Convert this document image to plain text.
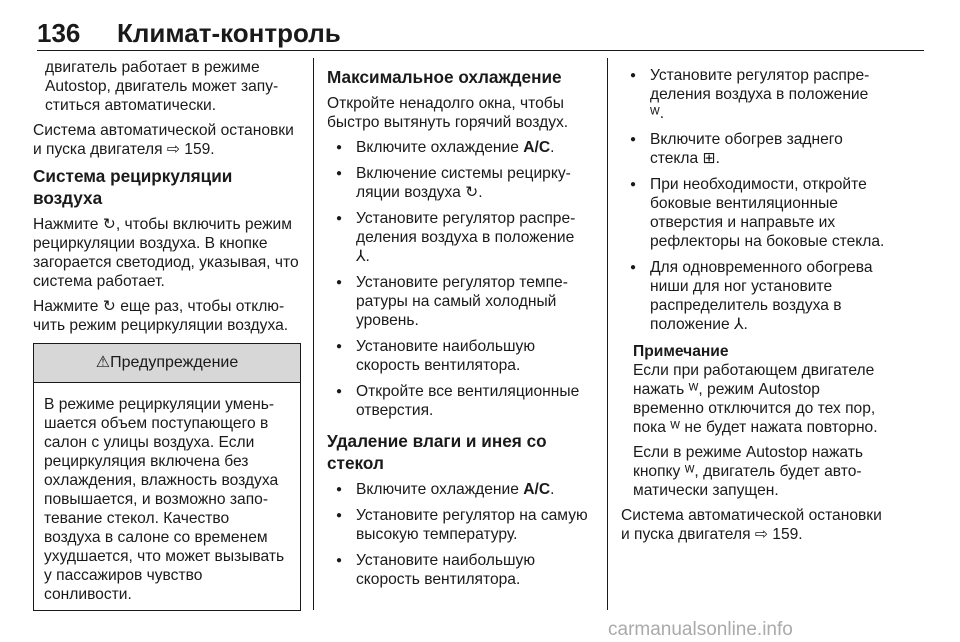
136 Климат-контроль

двигатель работает в режиме Autostop, двигатель может запуститься автоматически.

Система автоматической остановки и пуска двигателя ⇨ 159.

Система рециркуляции воздуха

Нажмите ↻, чтобы включить режим рециркуляции воздуха. В кнопке загорается светодиод, указывая, что система работает.

Нажмите ↻ еще раз, чтобы отключить режим рециркуляции воздуха.

⚠Предупреждение
В режиме рециркуляции уменьшается объем поступающего в салон с улицы воздуха. Если рециркуляция включена без охлаждения, влажность воздуха повышается, и возможно запотевание стекол. Качество воздуха в салоне со временем ухудшается, что может вызывать у пассажиров чувство сонливости.
Максимальное охлаждение

Откройте ненадолго окна, чтобы быстро вытянуть горячий воздух.

● Включите охлаждение A/C.
● Включение системы рециркуляции воздуха ↻.
● Установите регулятор распределения воздуха в положение
⅄.
● Установите регулятор температуры на самый холодный уровень.
● Установите наибольшую скорость вентилятора.
● Откройте все вентиляционные отверстия.
Удаление влаги и инея со стекол
● Включите охлаждение A/C.
● Установите регулятор на самую высокую температуру.
● Установите наибольшую скорость вентилятора.
● Установите регулятор распределения воздуха в положение
ᵂ.
● Включите обогрев заднего стекла ⊞.
● При необходимости, откройте боковые вентиляционные отверстия и направьте их рефлекторы на боковые стекла.
● Для одновременного обогрева ниши для ног установите распределитель воздуха в положение ⅄.
Примечание

Если при работающем двигателе нажать ᵂ, режим Autostop временно отключится до тех пор, пока ᵂ не будет нажата повторно.

Если в режиме Autostop нажать кнопку ᵂ, двигатель будет автоматически запущен.

Система автоматической остановки и пуска двигателя ⇨ 159.

carmanualsonline.info
